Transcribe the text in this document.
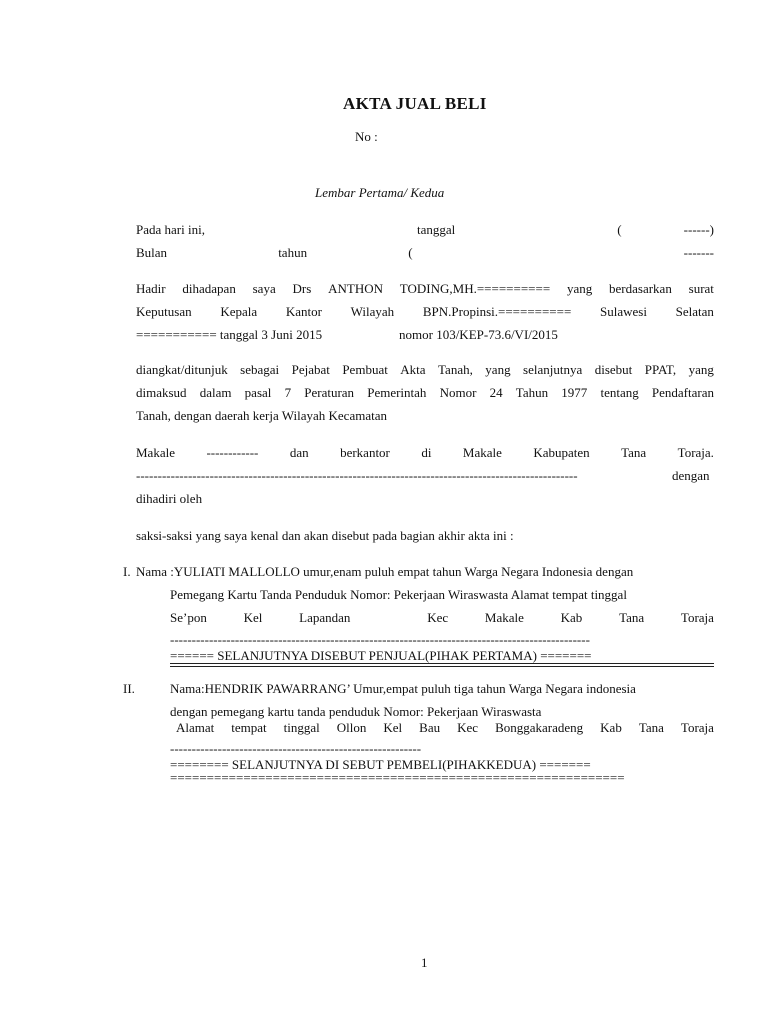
AKTA JUAL BELI
No :
Lembar Pertama/ Kedua
Pada hari ini,	tanggal	(	------)
Bulan	tahun	(	-------
Hadir dihadapan saya Drs ANTHON TODING,MH.========== yang berdasarkan surat
Keputusan Kepala Kantor Wilayah BPN.Propinsi.========== Sulawesi Selatan
=========== tanggal 3 Juni 2015	nomor 103/KEP-73.6/VI/2015
diangkat/ditunjuk sebagai Pejabat Pembuat Akta Tanah, yang selanjutnya disebut PPAT, yang
dimaksud dalam pasal 7 Peraturan Pemerintah Nomor 24 Tahun 1977 tentang Pendaftaran
Tanah, dengan daerah kerja Wilayah Kecamatan
Makale ------------ dan berkantor di Makale Kabupaten Tana Toraja.
------------------------------------------------------------------------------------------------------	dengan
dihadiri oleh
saksi-saksi yang saya kenal dan akan disebut pada bagian akhir akta ini :
I. Nama :YULIATI MALLOLLO umur,enam puluh empat tahun Warga Negara Indonesia dengan
Pemegang Kartu Tanda Penduduk Nomor: Pekerjaan Wiraswasta Alamat tempat tinggal
Se’pon	Kel	Lapandan	Kec	Makale	Kab	Tana	Toraja
-------------------------------------------------------------------------------------------------
====== SELANJUTNYA DISEBUT PENJUAL(PIHAK PERTAMA) =======
II.	Nama:HENDRIK PAWARRANG’ Umur,empat puluh tiga tahun Warga Negara indonesia
dengan pemegang kartu tanda penduduk Nomor: Pekerjaan Wiraswasta
Alamat tempat tinggal Ollon Kel Bau Kec Bonggakaradeng Kab Tana Toraja
----------------------------------------------------------
======== SELANJUTNYA DI SEBUT PEMBELI(PIHAKKEDUA) =======
==============================================================
1
